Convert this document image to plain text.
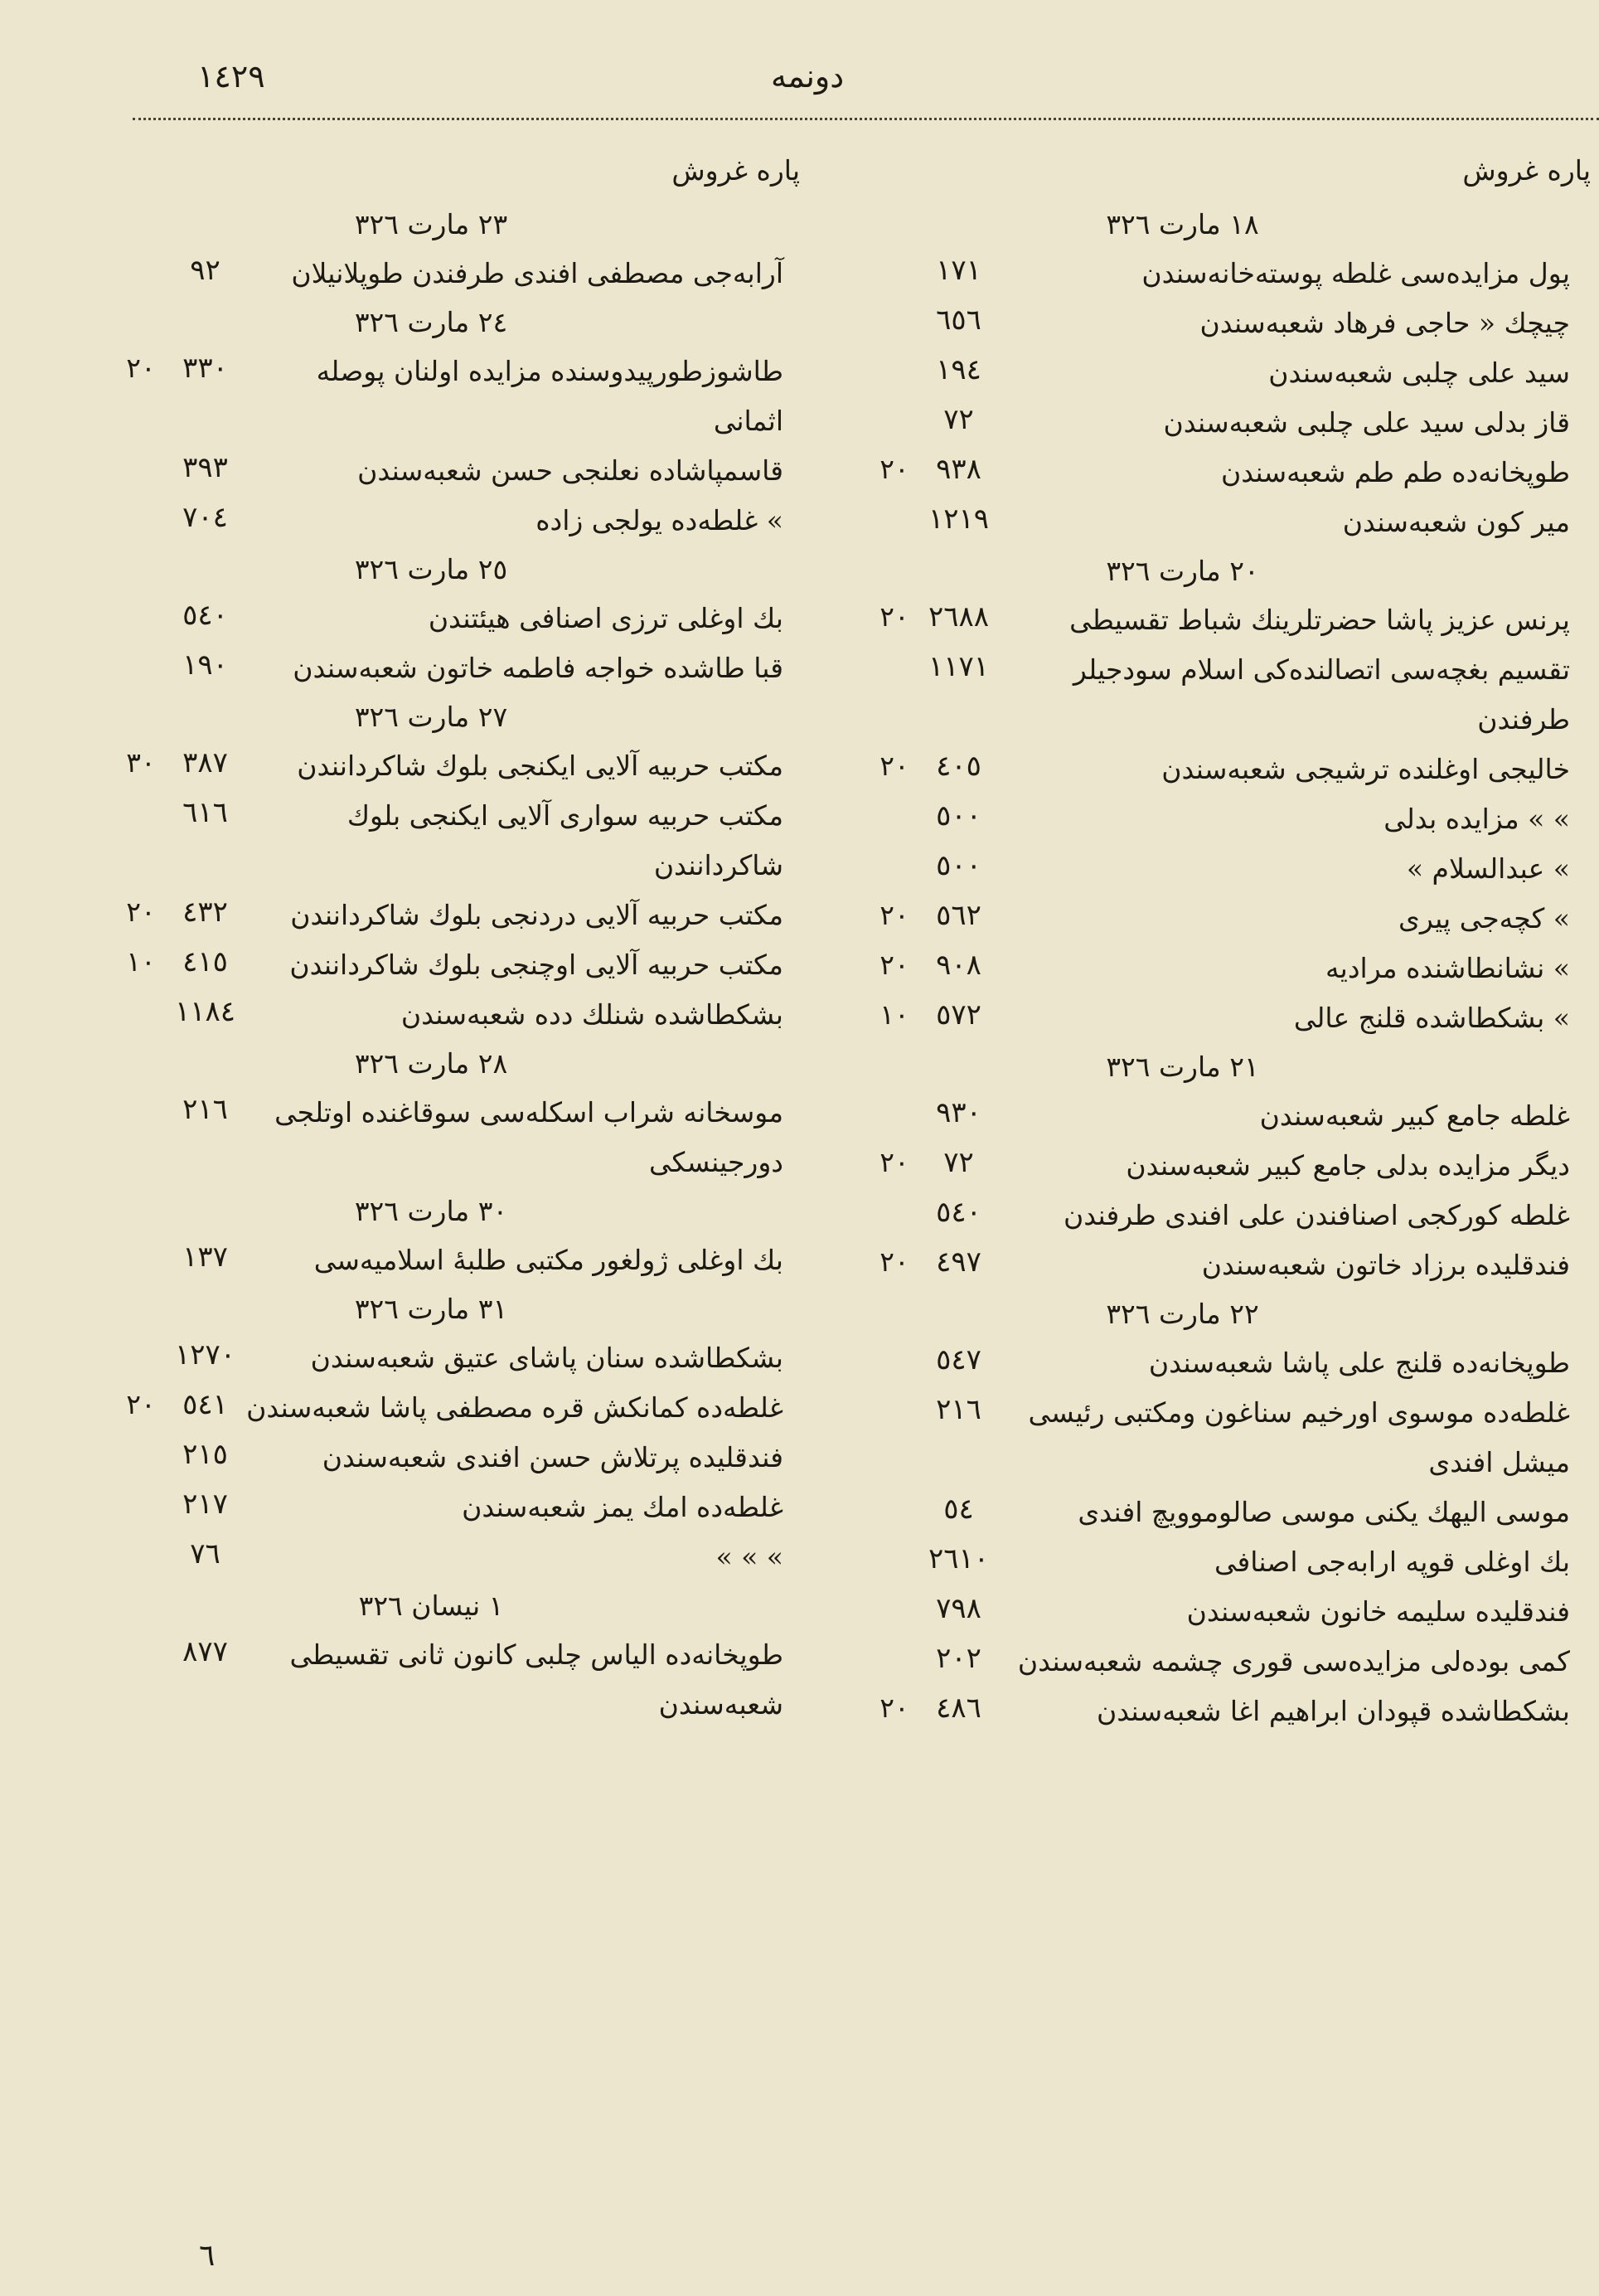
١٤٢٩	دونمه
پاره غروش
١٨ مارت ٣٢٦
١٧١	پول مزایده‌سی غلطه پوسته‌خانه‌سندن
٦٥٦	چیچك « حاجی فرهاد شعبه‌سندن
١٩٤	سید علی چلبی شعبه‌سندن
٧٢	قاز بدلی سید علی چلبی شعبه‌سندن
٢٠ ٩٣٨	طوپخانه‌ده طم طم شعبه‌سندن
١٢١٩	میر کون شعبه‌سندن
٢٠ مارت ٣٢٦
٢٠ ٢٦٨٨	پرنس عزیز پاشا حضرتلرینك شباط تقسیطی
١١٧١	تقسیم بغچه‌سی اتصالنده‌کی اسلام سودجیلر طرفندن
٢٠ ٤٠٥	خالیجی اوغلنده ترشیجی شعبه‌سندن
٥٠٠	مزایده بدلی « «
٥٠٠	« عبدالسلام «
٢٠ ٥٦٢	کچه‌جی پیری «
٢٠ ٩٠٨	نشانطاشنده مرادیه «
١٠ ٥٧٢	بشکطاشده قلنج عالی «
٢١ مارت ٣٢٦
٩٣٠	غلطه جامع کبیر شعبه‌سندن
٢٠	٧٢	دیگر مزایده بدلی جامع کبیر شعبه‌سندن
٥٤٠	غلطه کورکجی اصنافندن علی افندی طرفندن
٢٠ ٤٩٧	فندقلیده برزاد خاتون شعبه‌سندن
٢٢ مارت ٣٢٦
٥٤٧	طوپخانه‌ده قلنج علی پاشا شعبه‌سندن
٢١٦	غلطه‌ده موسوی اورخیم سناغون ومکتبی رئیسی میشل افندی
٥٤	موسی الیهك یکنی موسی صالوموویچ افندی
٢٦١٠	بك اوغلی قوپه ارابه‌جی اصنافی
٧٩٨	فندقلیده سلیمه خانون شعبه‌سندن
٢٠٢	کمی بوده‌لی مزایده‌سی قوری چشمه شعبه‌سندن
٢٠ ٤٨٦	بشکطاشده قپودان ابراهیم اغا شعبه‌سندن
پاره غروش
٢٣ مارت ٣٢٦
٩٢	آرابه‌جی مصطفی افندی طرفندن طوپلانیلان
٢٤ مارت ٣٢٦
٢٠ ٣٣٠	طاشوزطورپیدوسنده مزایده اولنان پوصله اثمانی
٣٩٣	قاسمپاشاده نعلنجی حسن شعبه‌سندن
٧٠٤	غلطه‌ده یولجی زاده «
٢٥ مارت ٣٢٦
٥٤٠	بك اوغلی ترزی اصنافی هیئتندن
١٩٠	قبا طاشده خواجه فاطمه خاتون شعبه‌سندن
٢٧ مارت ٣٢٦
٣٠ ٣٨٧	مکتب حربیه آلایی ایکنجی بلوك شاکردانندن
٦١٦	مکتب حربیه سواری آلایی ایکنجی بلوك شاکردانندن
٢٠ ٤٣٢	مکتب حربیه آلایی دردنجی بلوك شاکردانندن
١٠ ٤١٥	مکتب حربیه آلایی اوچنجی بلوك شاکردانندن
١١٨٤	بشکطاشده شنلك دده شعبه‌سندن
٢٨ مارت ٣٢٦
٢١٦	موسخانه شراب اسکله‌سی سوقاغنده اوتلجی دورجینسکی
٣٠ مارت ٣٢٦
١٣٧	بك اوغلی ژولغور مکتبی طلبهٔ اسلامیه‌سی
٣١ مارت ٣٢٦
١٢٧٠	بشکطاشده سنان پاشای عتیق شعبه‌سندن
٢٠ ٥٤١ غلطه‌ده کمانکش قره مصطفی پاشا شعبه‌سندن
٢١٥	فندقلیده پرتلاش حسن افندی شعبه‌سندن
٢١٧	غلطه‌ده امك یمز شعبه‌سندن
٧٦	« « «
١ نیسان ٣٢٦
٨٧٧	طوپخانه‌ده الیاس چلبی کانون ثانی تقسیطی شعبه‌سندن
٦
